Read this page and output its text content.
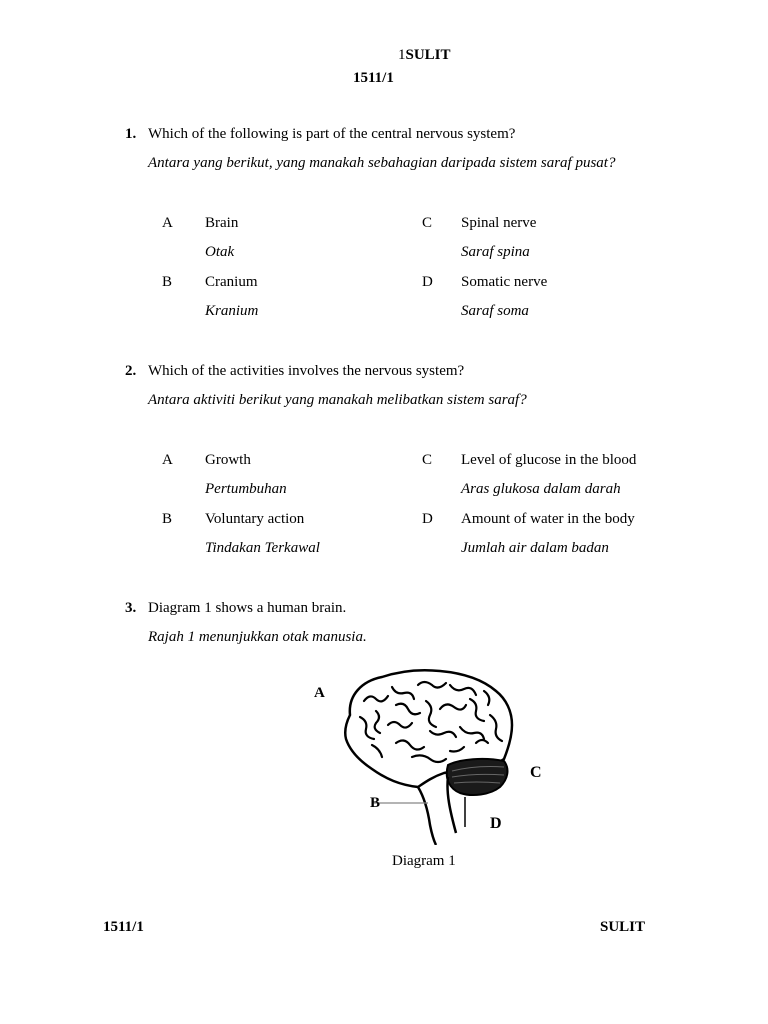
1SULIT
1511/1
1. Which of the following is part of the central nervous system?
Antara yang berikut, yang manakah sebahagian daripada sistem saraf pusat?
A Brain
Otak
B Cranium
Kranium
C Spinal nerve
Saraf spina
D Somatic nerve
Saraf soma
2. Which of the activities involves the nervous system?
Antara aktiviti berikut yang manakah melibatkan sistem saraf?
A Growth
Pertumbuhan
B Voluntary action
Tindakan Terkawal
C Level of glucose in the blood
Aras glukosa dalam darah
D Amount of water in the body
Jumlah air dalam badan
3. Diagram 1 shows a human brain.
Rajah 1 menunjukkan otak manusia.
A
B
C
D
Diagram 1
1511/1	SULIT
